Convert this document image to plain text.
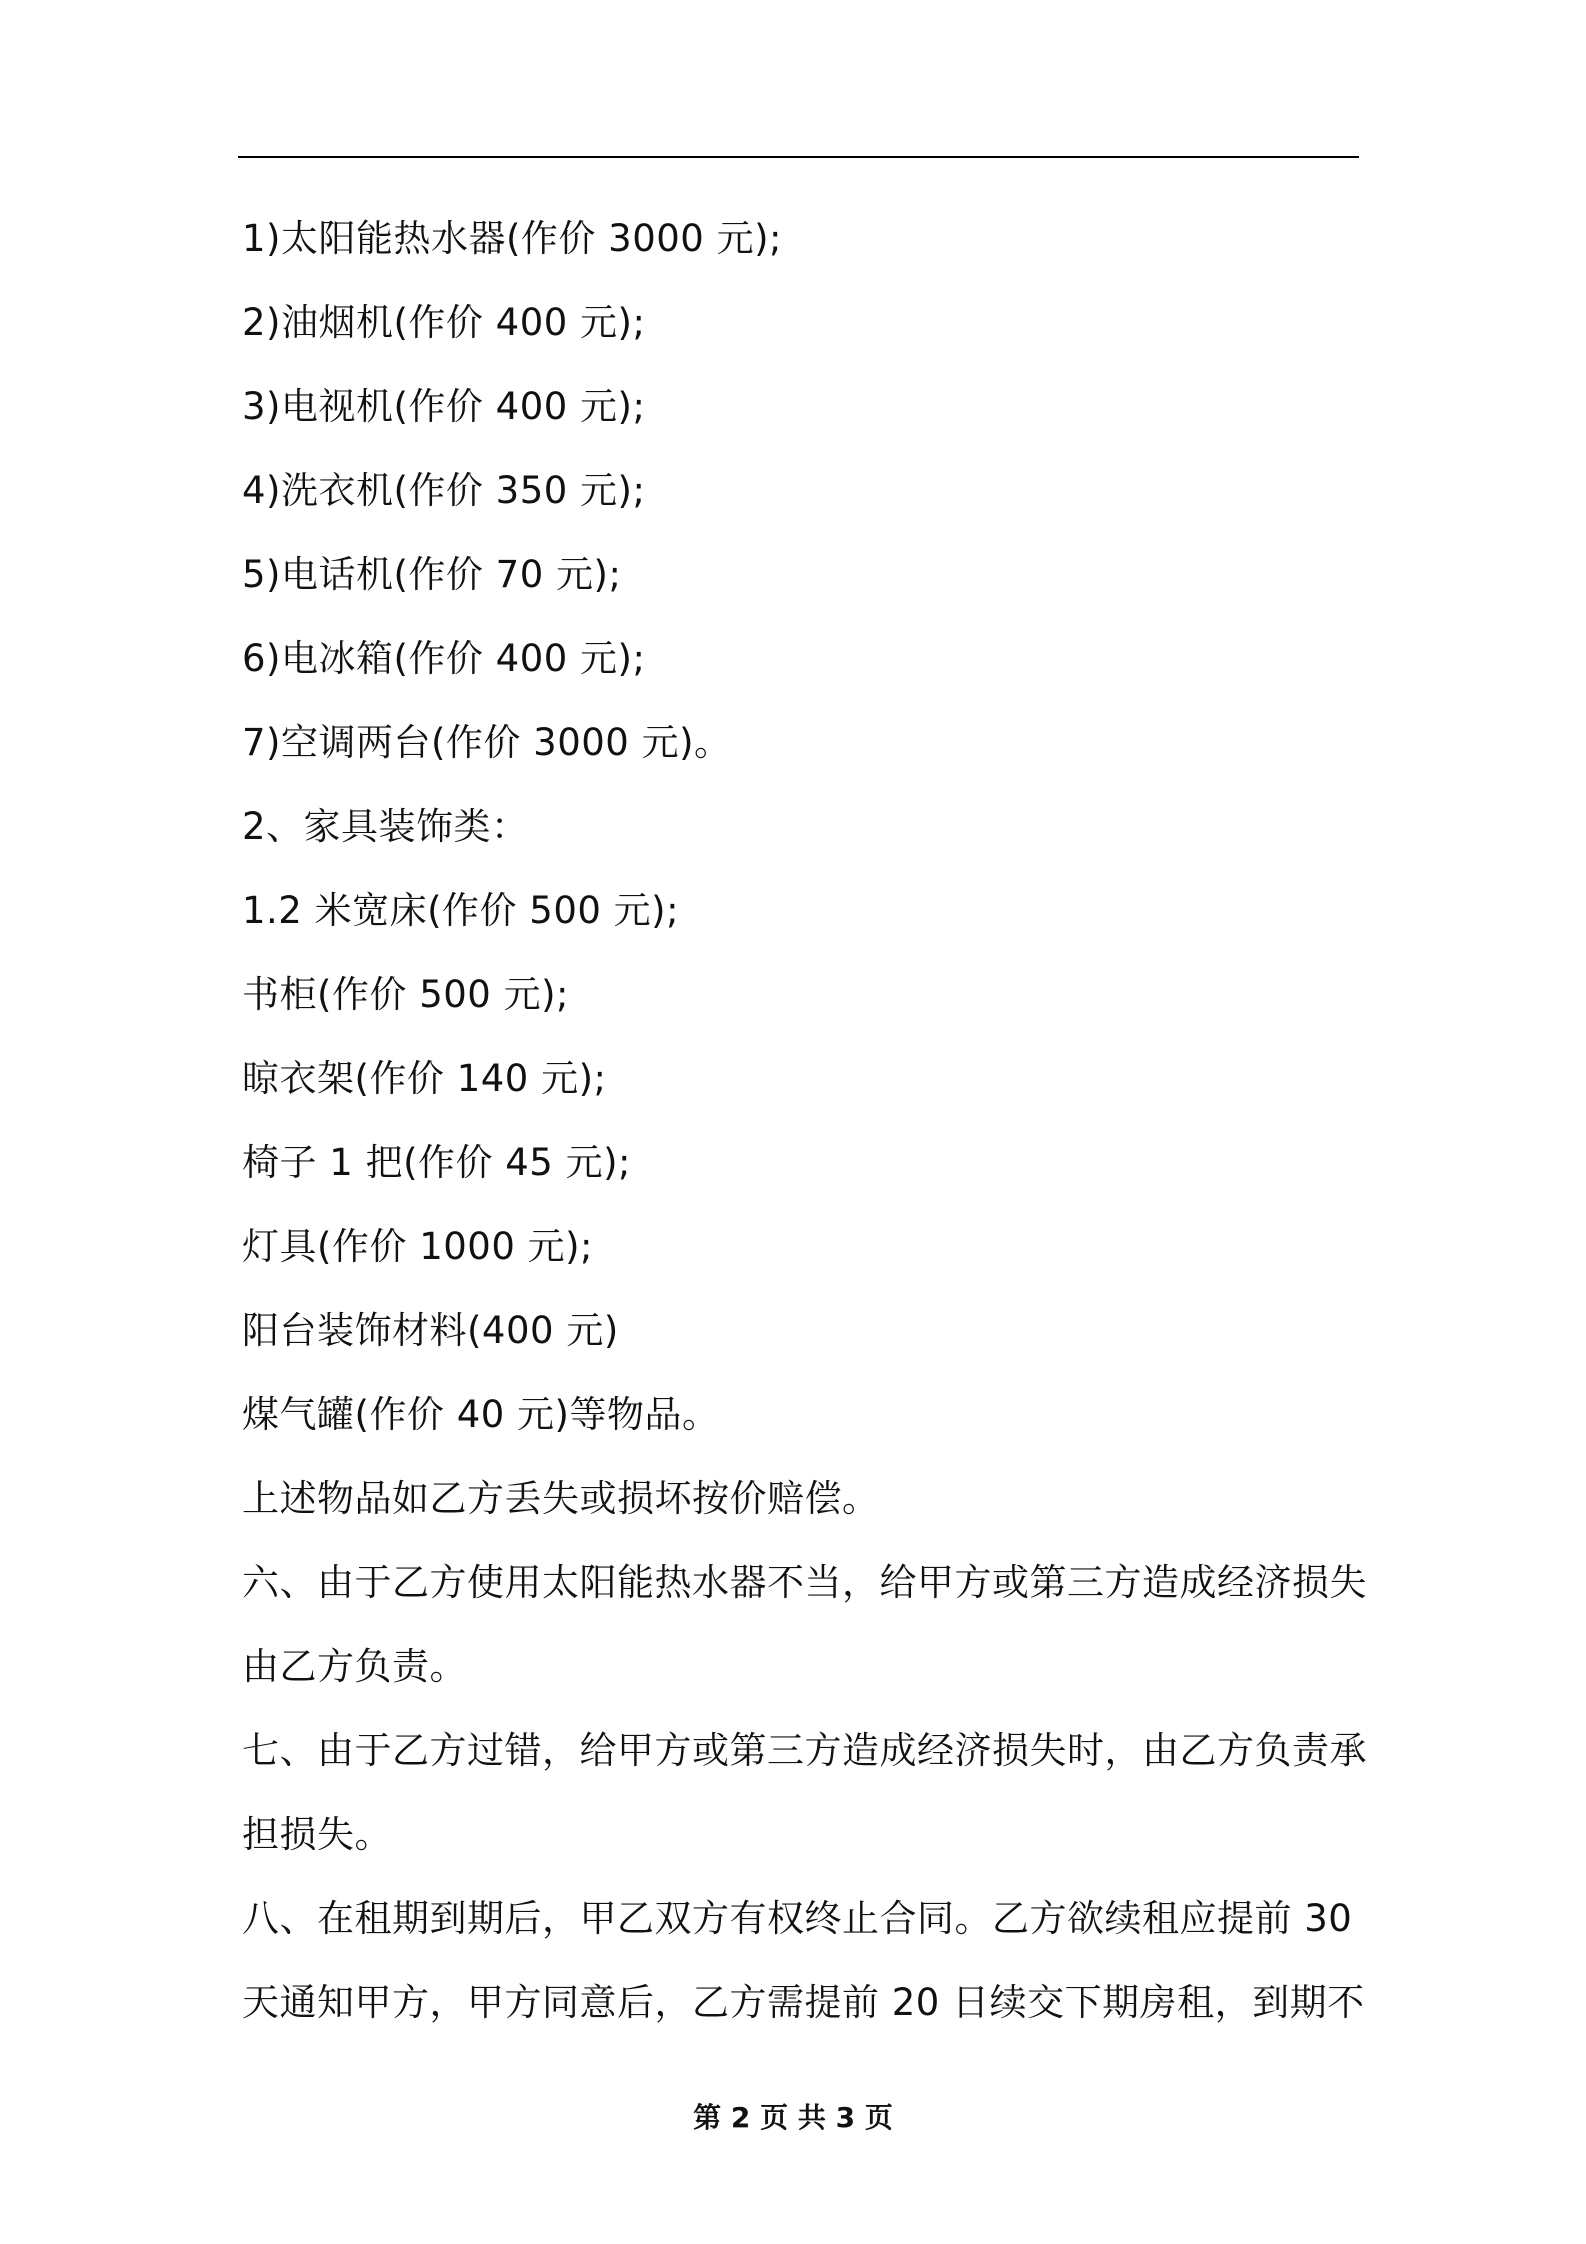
1)太阳能热水器(作价 3000 元);
2)油烟机(作价 400 元);
3)电视机(作价 400 元);
4)洗衣机(作价 350 元);
5)电话机(作价 70 元);
6)电冰箱(作价 400 元);
7)空调两台(作价 3000 元)。
2、家具装饰类：
1.2 米宽床(作价 500 元);
书柜(作价 500 元);
晾衣架(作价 140 元);
椅子 1 把(作价 45 元);
灯具(作价 1000 元);
阳台装饰材料(400 元)
煤气罐(作价 40 元)等物品。
上述物品如乙方丢失或损坏按价赔偿。
六、由于乙方使用太阳能热水器不当，给甲方或第三方造成经济损失
由乙方负责。
七、由于乙方过错，给甲方或第三方造成经济损失时，由乙方负责承
担损失。
八、在租期到期后，甲乙双方有权终止合同。乙方欲续租应提前 30
天通知甲方，甲方同意后，乙方需提前 20 日续交下期房租，到期不
第 2 页 共 3 页
